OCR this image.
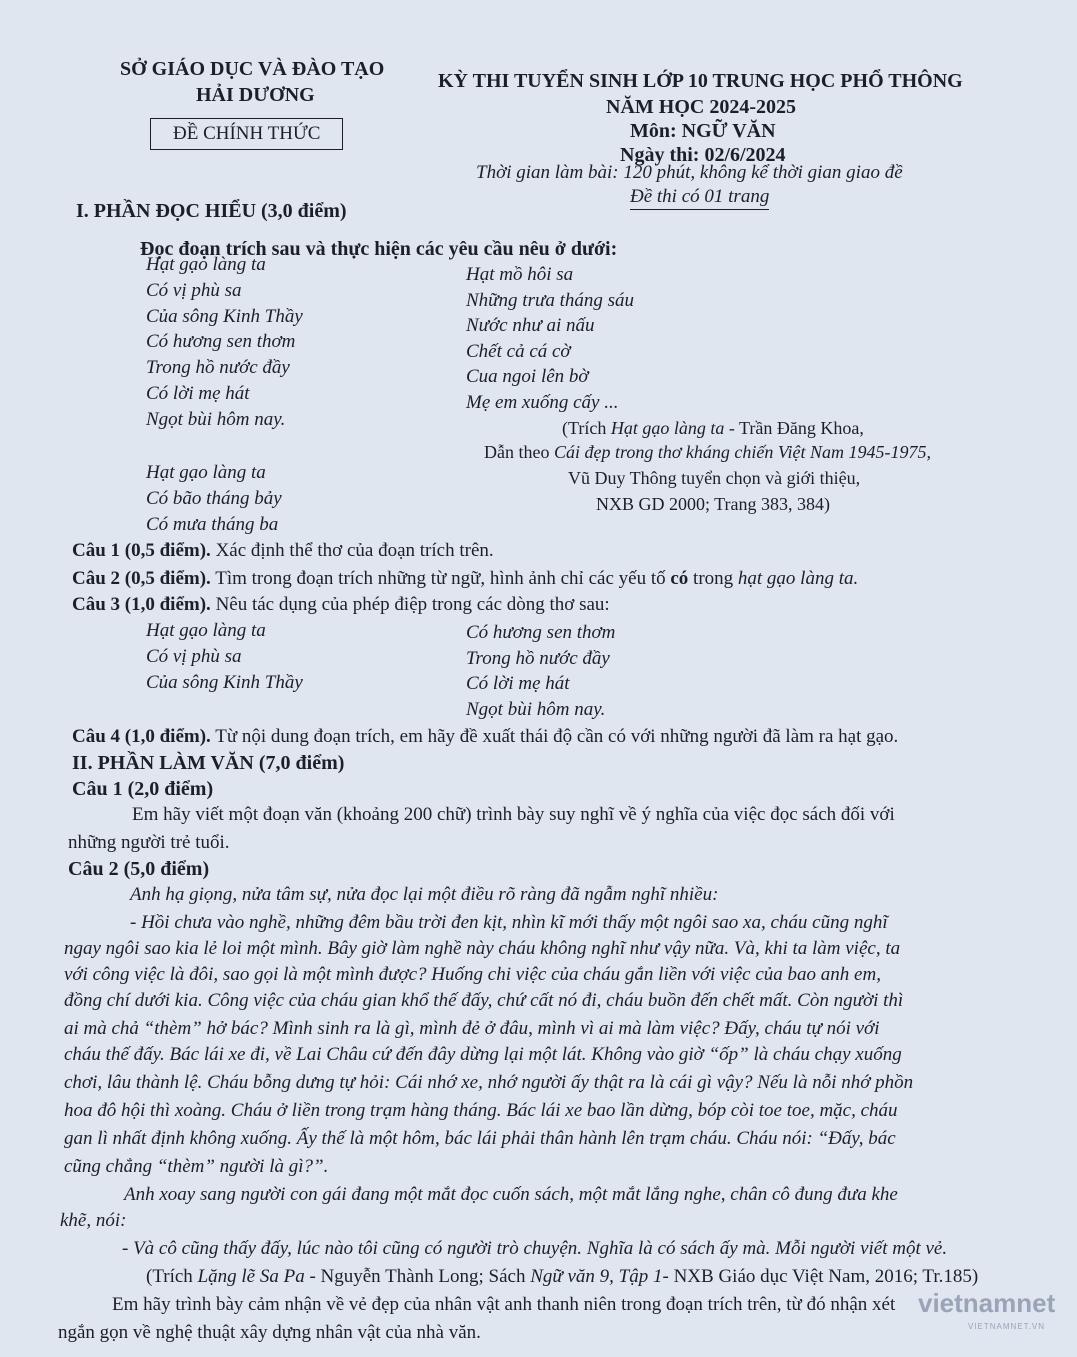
SỞ GIÁO DỤC VÀ ĐÀO TẠO
HẢI DƯƠNG
ĐỀ CHÍNH THỨC
KỲ THI TUYỂN SINH LỚP 10 TRUNG HỌC PHỔ THÔNG
NĂM HỌC 2024-2025
Môn: NGỮ VĂN
Ngày thi: 02/6/2024
Thời gian làm bài: 120 phút, không kể thời gian giao đề
Đề thi có 01 trang
I. PHẦN ĐỌC HIỂU (3,0 điểm)
Đọc đoạn trích sau và thực hiện các yêu cầu nêu ở dưới:
Hạt gạo làng ta
Có vị phù sa
Của sông Kinh Thầy
Có hương sen thơm
Trong hồ nước đầy
Có lời mẹ hát
Ngọt bùi hôm nay.
Hạt mồ hôi sa
Những trưa tháng sáu
Nước như ai nấu
Chết cả cá cờ
Cua ngoi lên bờ
Mẹ em xuống cấy ...
(Trích Hạt gạo làng ta - Trần Đăng Khoa,
Dẫn theo Cái đẹp trong thơ kháng chiến Việt Nam 1945-1975,
Vũ Duy Thông tuyển chọn và giới thiệu,
NXB GD 2000; Trang 383, 384)
Hạt gạo làng ta
Có bão tháng bảy
Có mưa tháng ba
Câu 1 (0,5 điểm). Xác định thể thơ của đoạn trích trên.
Câu 2 (0,5 điểm). Tìm trong đoạn trích những từ ngữ, hình ảnh chỉ các yếu tố có trong hạt gạo làng ta.
Câu 3 (1,0 điểm). Nêu tác dụng của phép điệp trong các dòng thơ sau:
Hạt gạo làng ta
Có vị phù sa
Của sông Kinh Thầy
Có hương sen thơm
Trong hồ nước đầy
Có lời mẹ hát
Ngọt bùi hôm nay.
Câu 4 (1,0 điểm). Từ nội dung đoạn trích, em hãy đề xuất thái độ cần có với những người đã làm ra hạt gạo.
II. PHẦN LÀM VĂN (7,0 điểm)
Câu 1 (2,0 điểm)
Em hãy viết một đoạn văn (khoảng 200 chữ) trình bày suy nghĩ về ý nghĩa của việc đọc sách đối với
những người trẻ tuổi.
Câu 2 (5,0 điểm)
Anh hạ giọng, nửa tâm sự, nửa đọc lại một điều rõ ràng đã ngẫm nghĩ nhiều:
- Hồi chưa vào nghề, những đêm bầu trời đen kịt, nhìn kĩ mới thấy một ngôi sao xa, cháu cũng nghĩ
ngay ngôi sao kia lẻ loi một mình. Bây giờ làm nghề này cháu không nghĩ như vậy nữa. Và, khi ta làm việc, ta
với công việc là đôi, sao gọi là một mình được? Huống chi việc của cháu gắn liền với việc của bao anh em,
đồng chí dưới kia. Công việc của cháu gian khổ thế đấy, chứ cất nó đi, cháu buồn đến chết mất. Còn người thì
ai mà chả “thèm” hở bác? Mình sinh ra là gì, mình đẻ ở đâu, mình vì ai mà làm việc? Đấy, cháu tự nói với
cháu thế đấy. Bác lái xe đi, về Lai Châu cứ đến đây dừng lại một lát. Không vào giờ “ốp” là cháu chạy xuống
chơi, lâu thành lệ. Cháu bỗng dưng tự hỏi: Cái nhớ xe, nhớ người ấy thật ra là cái gì vậy? Nếu là nỗi nhớ phồn
hoa đô hội thì xoàng. Cháu ở liền trong trạm hàng tháng. Bác lái xe bao lần dừng, bóp còi toe toe, mặc, cháu
gan lì nhất định không xuống. Ấy thế là một hôm, bác lái phải thân hành lên trạm cháu. Cháu nói: “Đấy, bác
cũng chẳng “thèm” người là gì?”.
Anh xoay sang người con gái đang một mắt đọc cuốn sách, một mắt lắng nghe, chân cô đung đưa khe
khẽ, nói:
- Và cô cũng thấy đấy, lúc nào tôi cũng có người trò chuyện. Nghĩa là có sách ấy mà. Mỗi người viết một vẻ.
(Trích Lặng lẽ Sa Pa - Nguyễn Thành Long; Sách Ngữ văn 9, Tập 1- NXB Giáo dục Việt Nam, 2016; Tr.185)
Em hãy trình bày cảm nhận về vẻ đẹp của nhân vật anh thanh niên trong đoạn trích trên, từ đó nhận xét
ngắn gọn về nghệ thuật xây dựng nhân vật của nhà văn.
vietnamnet
VIETNAMNET.VN
